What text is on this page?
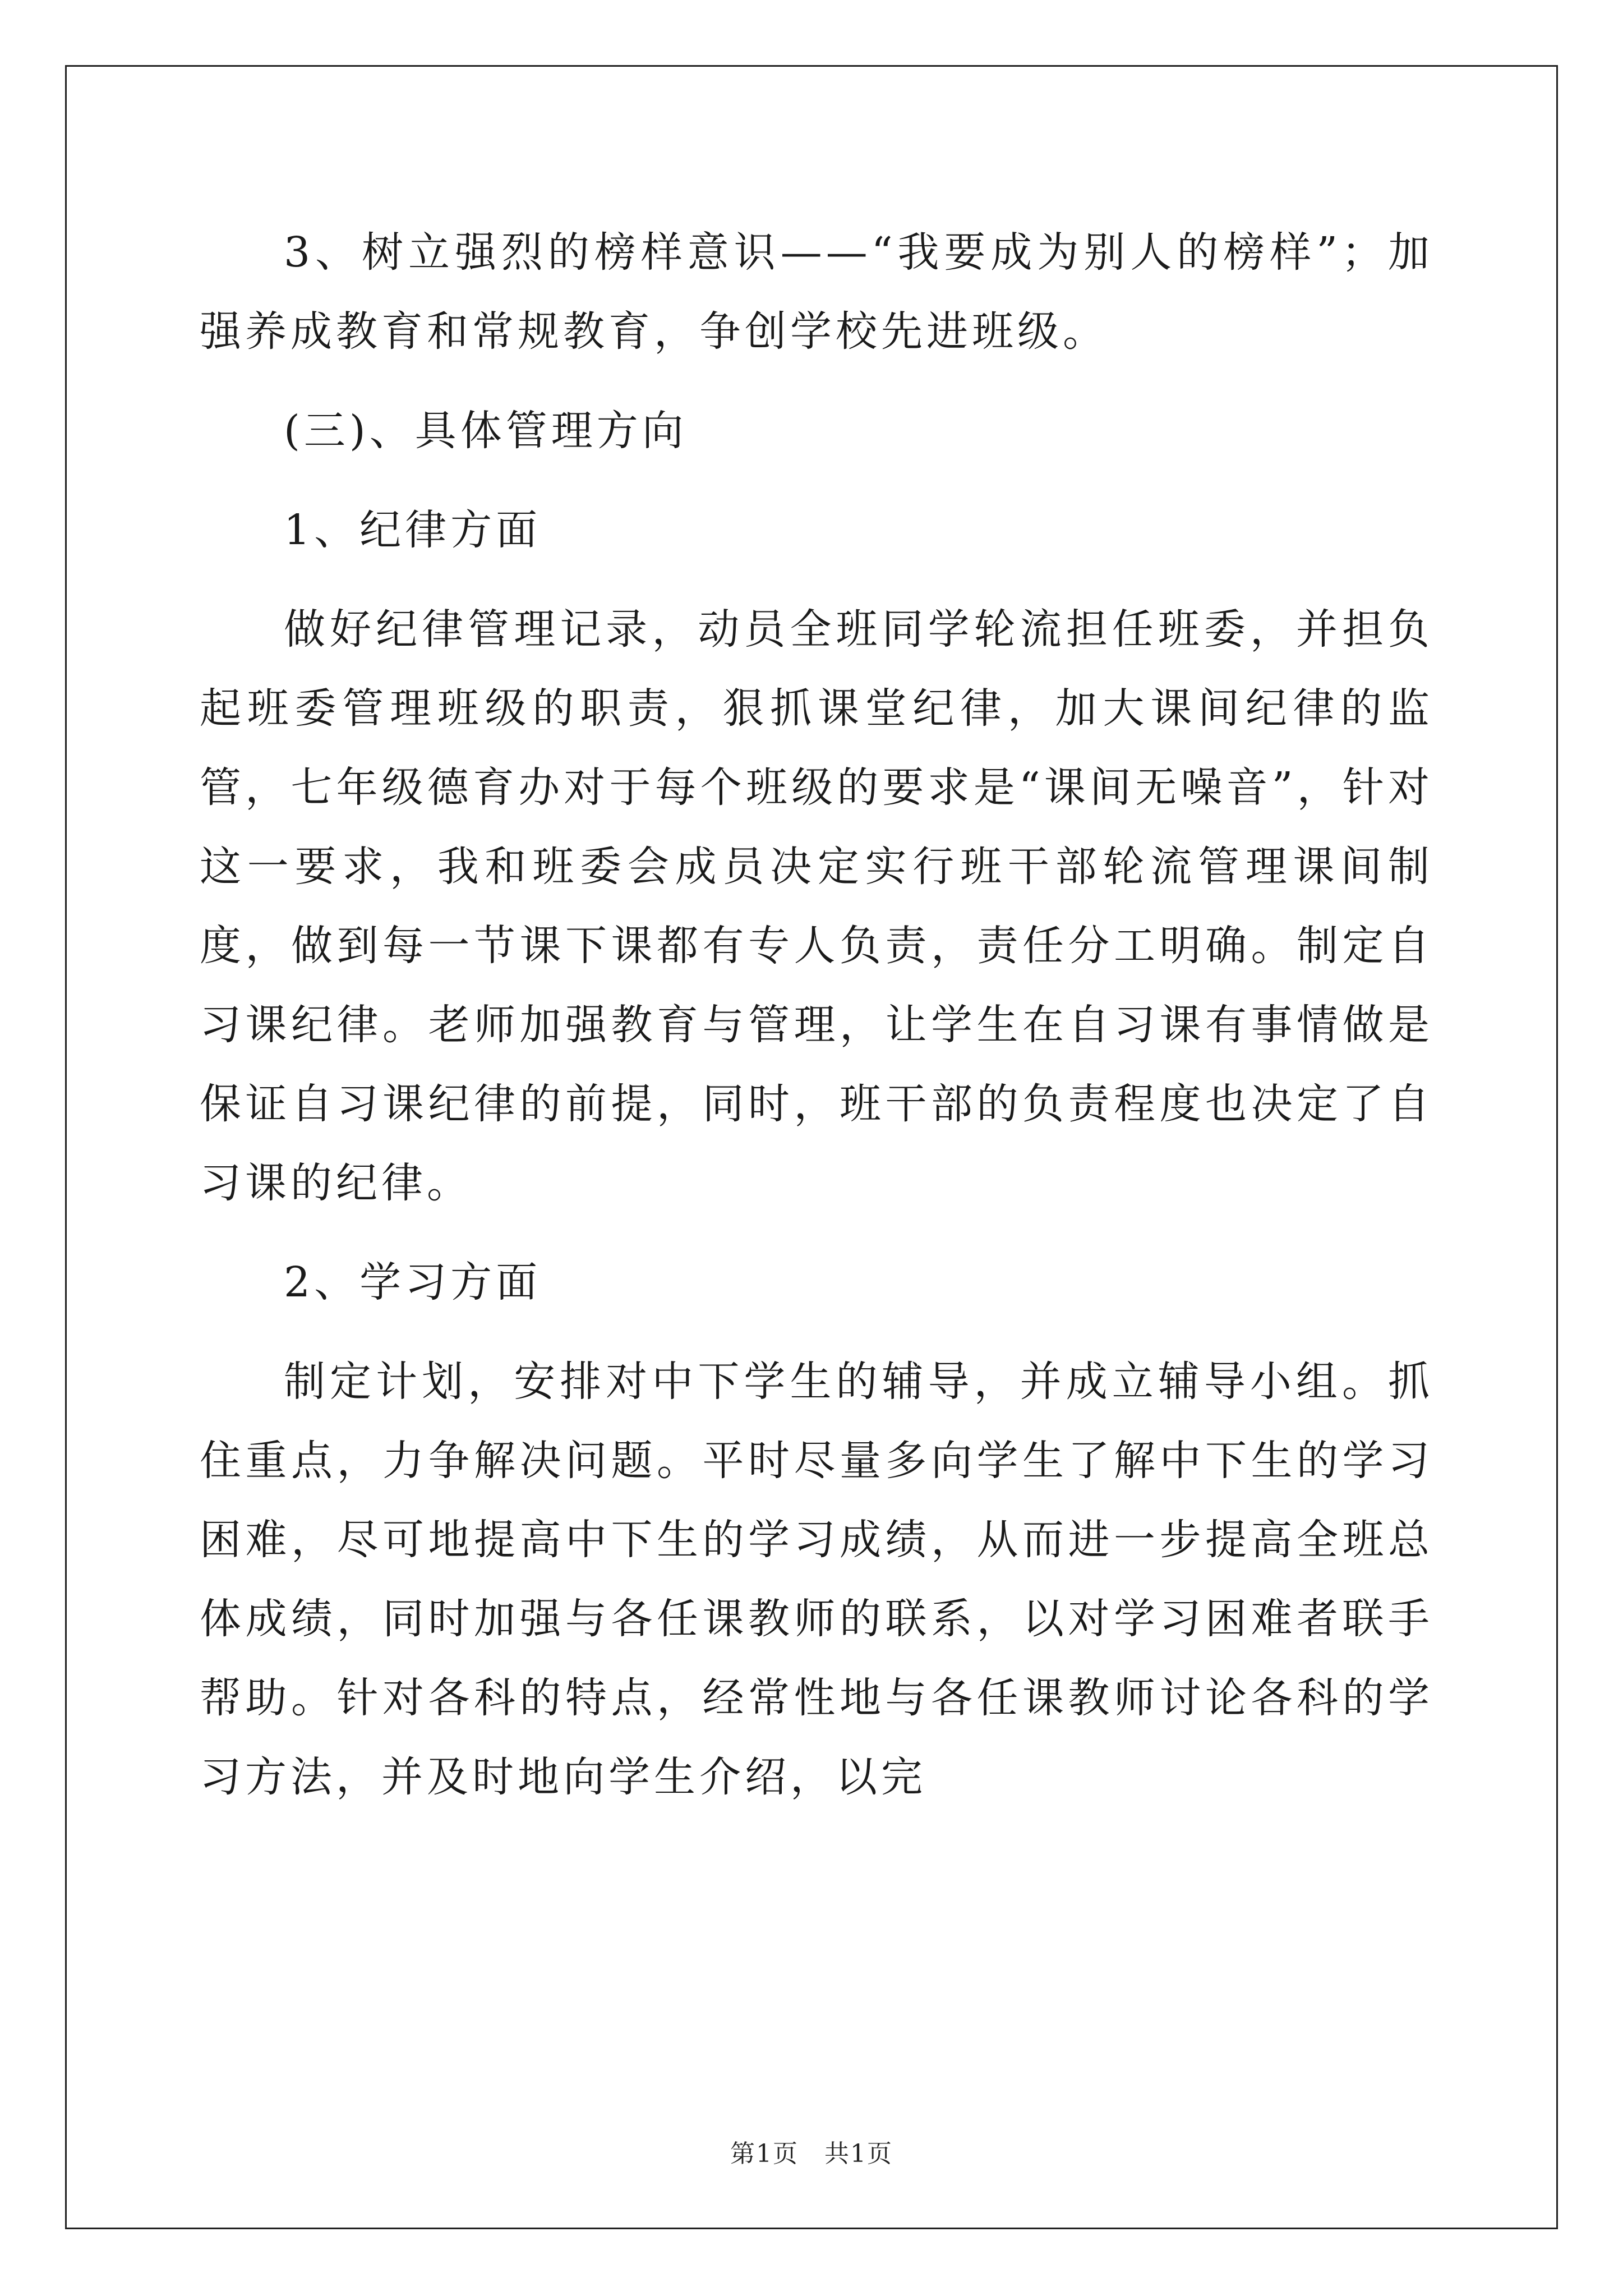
3、树立强烈的榜样意识——“我要成为别人的榜样”；加强养成教育和常规教育，争创学校先进班级。

(三)、具体管理方向

1、纪律方面

做好纪律管理记录，动员全班同学轮流担任班委，并担负起班委管理班级的职责，狠抓课堂纪律，加大课间纪律的监管，七年级德育办对于每个班级的要求是“课间无噪音”，针对这一要求，我和班委会成员决定实行班干部轮流管理课间制度，做到每一节课下课都有专人负责，责任分工明确。制定自习课纪律。老师加强教育与管理，让学生在自习课有事情做是保证自习课纪律的前提，同时，班干部的负责程度也决定了自习课的纪律。

2、学习方面

制定计划，安排对中下学生的辅导，并成立辅导小组。抓住重点，力争解决问题。平时尽量多向学生了解中下生的学习困难，尽可地提高中下生的学习成绩，从而进一步提高全班总体成绩，同时加强与各任课教师的联系，以对学习困难者联手帮助。针对各科的特点，经常性地与各任课教师讨论各科的学习方法，并及时地向学生介绍，以完

第1页　共1页
